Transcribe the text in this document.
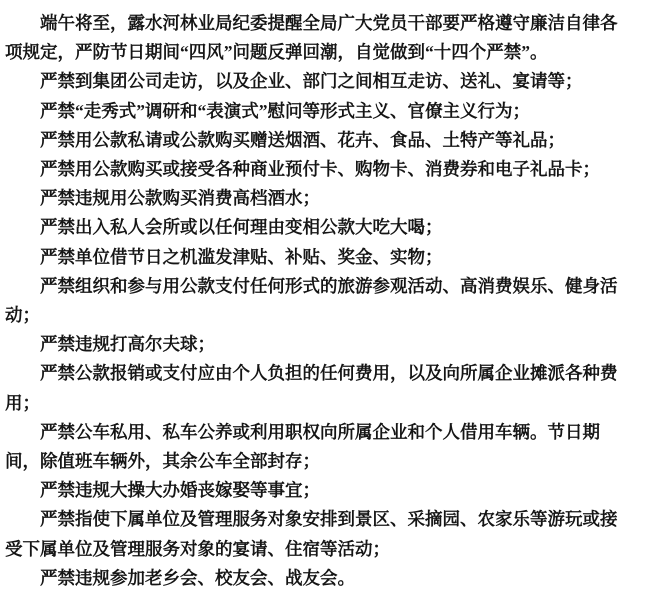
端午将至，露水河林业局纪委提醒全局广大党员干部要严格遵守廉洁自律各

项规定，严防节日期间“四风”问题反弹回潮，自觉做到“十四个严禁”。

严禁到集团公司走访，以及企业、部门之间相互走访、送礼、宴请等；

严禁“走秀式”调研和“表演式”慰问等形式主义、官僚主义行为；

严禁用公款私请或公款购买赠送烟酒、花卉、食品、土特产等礼品；

严禁用公款购买或接受各种商业预付卡、购物卡、消费券和电子礼品卡；

严禁违规用公款购买消费高档酒水；

严禁出入私人会所或以任何理由变相公款大吃大喝；

严禁单位借节日之机滥发津贴、补贴、奖金、实物；

严禁组织和参与用公款支付任何形式的旅游参观活动、高消费娱乐、健身活

动；

严禁违规打高尔夫球；

严禁公款报销或支付应由个人负担的任何费用，以及向所属企业摊派各种费

用；

严禁公车私用、私车公养或利用职权向所属企业和个人借用车辆。节日期

间，除值班车辆外，其余公车全部封存；

严禁违规大操大办婚丧嫁娶等事宜；

严禁指使下属单位及管理服务对象安排到景区、采摘园、农家乐等游玩或接

受下属单位及管理服务对象的宴请、住宿等活动；

严禁违规参加老乡会、校友会、战友会。
